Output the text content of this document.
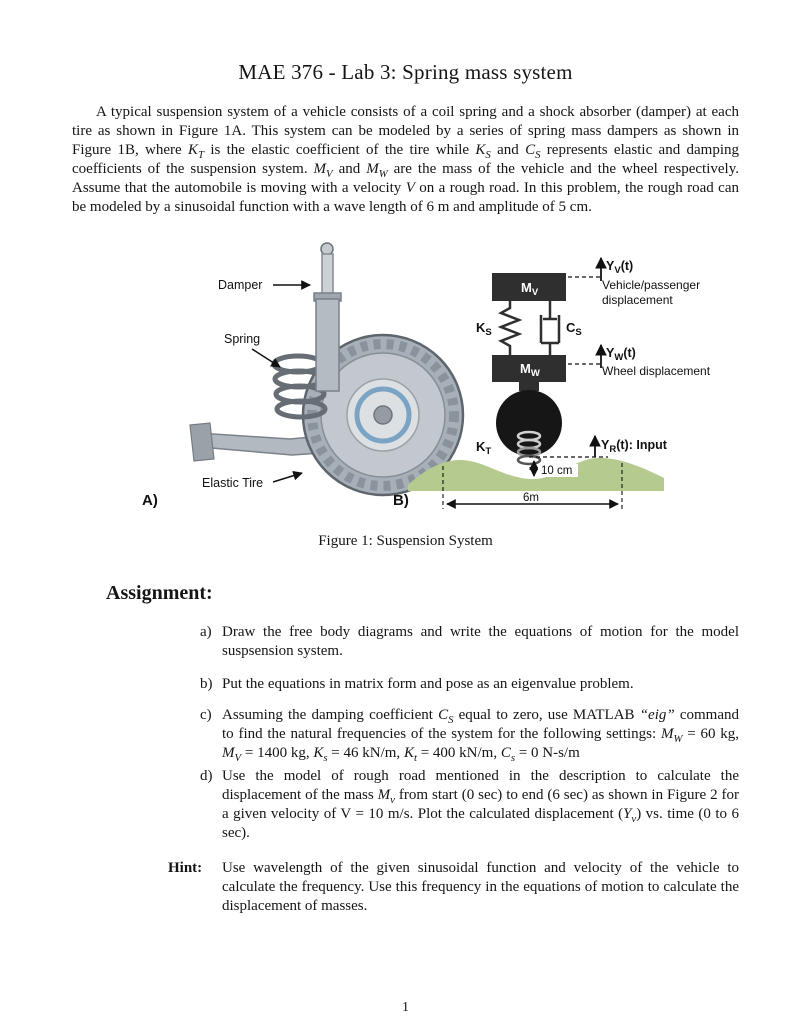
MAE 376 - Lab 3: Spring mass system

A typical suspension system of a vehicle consists of a coil spring and a shock absorber (damper) at each tire as shown in Figure 1A. This system can be modeled by a series of spring mass dampers as shown in Figure 1B, where $K_T$ is the elastic coefficient of the tire while $K_S$ and $C_S$ represents elastic and damping coefficients of the suspension system. $M_V$ and $M_W$ are the mass of the vehicle and the wheel respectively. Assume that the automobile is moving with a velocity V on a rough road. In this problem, the rough road can be modeled by a sinusoidal function with a wave length of 6 m and amplitude of 5 cm.

Damper
Spring
Elastic Tire
A)
$M_V$
$K_S$	$C_S$
$M_W$
$K_T$
$Y_V(t)$
Vehicle/passenger
displacement
$Y_W(t)$
Wheel displacement
$Y_R(t)$: Input
10 cm
6m
B)
Figure 1: Suspension System
Assignment:
a) Draw the free body diagrams and write the equations of motion for the model suspsension system.
b) Put the equations in matrix form and pose as an eigenvalue problem.
c) Assuming the damping coefficient $C_S$ equal to zero, use MATLAB “eig” command to find the natural frequencies of the system for the following settings: $M_W = 60$ kg, $M_V = 1400$ kg, $K_s = 46$ kN/m, $K_t = 400$ kN/m, $C_s = 0$ N-s/m
d) Use the model of rough road mentioned in the description to calculate the displacement of the mass $M_v$ from start (0 sec) to end (6 sec) as shown in Figure 2 for a given velocity of V = 10 m/s. Plot the calculated displacement $(Y_v)$ vs. time (0 to 6 sec).
Hint:	Use wavelength of the given sinusoidal function and velocity of the vehicle to calculate the frequency. Use this frequency in the equations of motion to calculate the displacement of masses.
1
